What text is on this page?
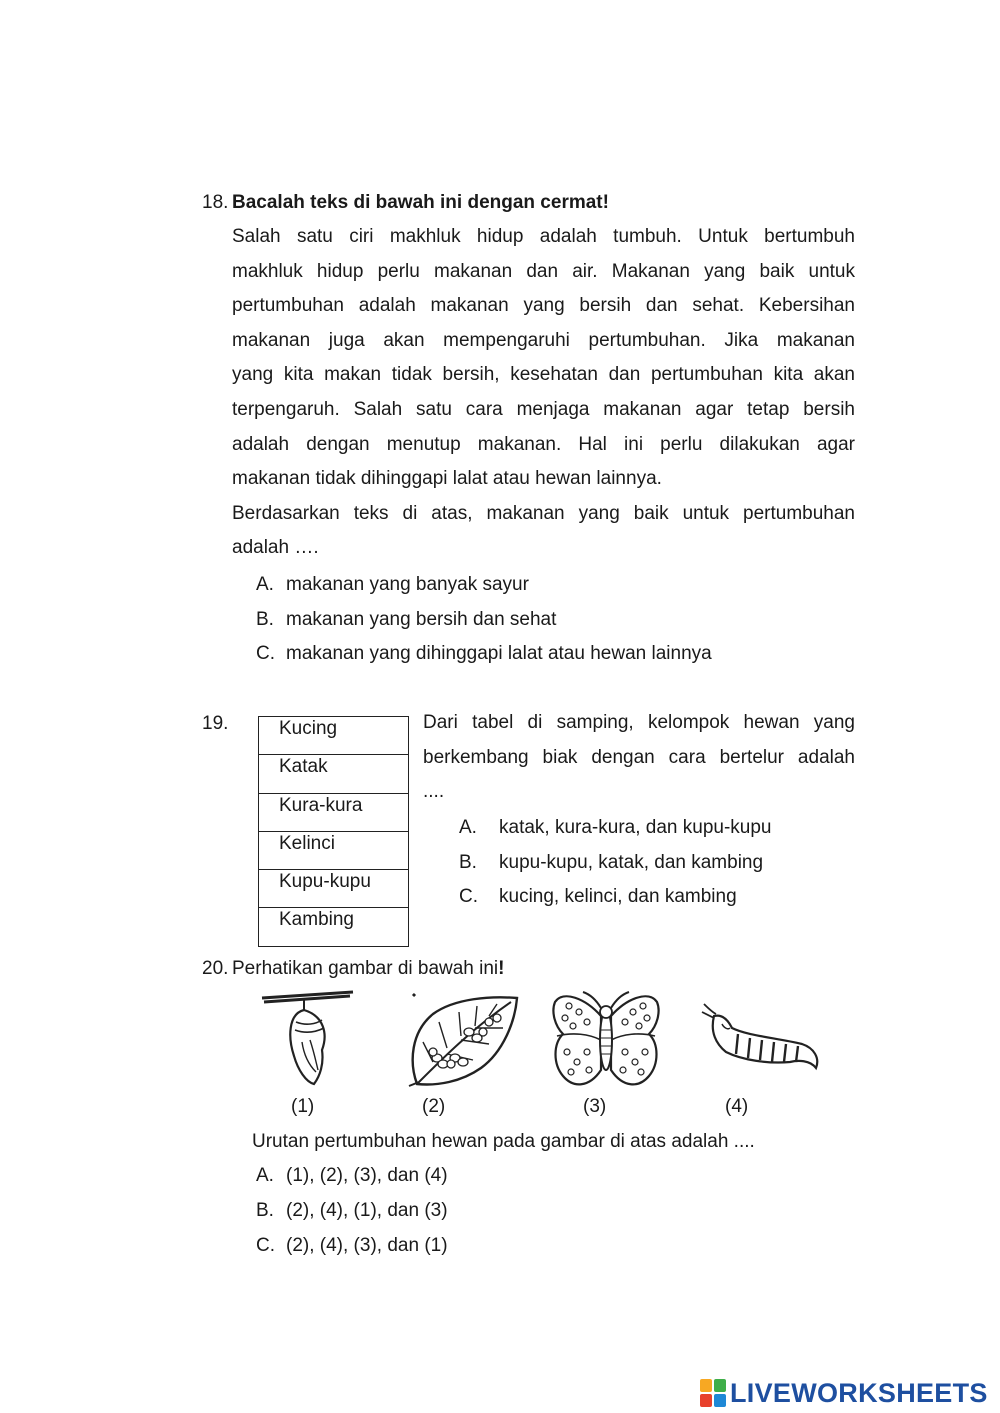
18. Bacalah teks di bawah ini dengan cermat!
Salah satu ciri makhluk hidup adalah tumbuh. Untuk bertumbuh
makhluk hidup perlu makanan dan air. Makanan yang baik untuk
pertumbuhan adalah makanan yang bersih dan sehat. Kebersihan
makanan juga akan mempengaruhi pertumbuhan. Jika makanan
yang kita makan tidak bersih, kesehatan dan pertumbuhan kita akan
terpengaruh. Salah satu cara menjaga makanan agar tetap bersih
adalah dengan menutup makanan. Hal ini perlu dilakukan agar
makanan tidak dihinggapi lalat atau hewan lainnya.
Berdasarkan teks di atas, makanan yang baik untuk pertumbuhan
adalah ….
A. makanan yang banyak sayur
B. makanan yang bersih dan sehat
C. makanan yang dihinggapi lalat atau hewan lainnya
19.	Kucing
Katak
Kura-kura
Kelinci
Kupu-kupu
Kambing
Dari tabel di samping, kelompok hewan yang
berkembang biak dengan cara bertelur adalah
....
A. katak, kura-kura, dan kupu-kupu
B. kupu-kupu, katak, dan kambing
C. kucing, kelinci, dan kambing
20. Perhatikan gambar di bawah ini!
(1)	(2)	(3)	(4)
Urutan pertumbuhan hewan pada gambar di atas adalah ....
A. (1), (2), (3), dan (4)
B. (2), (4), (1), dan (3)
C. (2), (4), (3), dan (1)
LIVEWORKSHEETS
